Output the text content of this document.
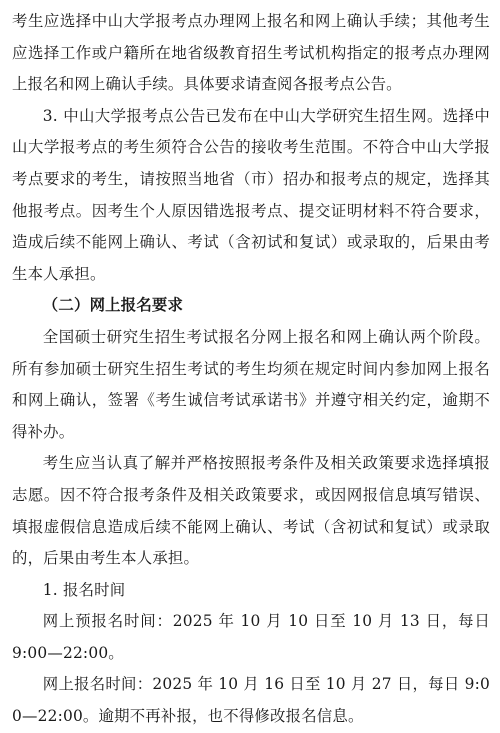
考生应选择中山大学报考点办理网上报名和网上确认手续；其他考生应选择工作或户籍所在地省级教育招生考试机构指定的报考点办理网上报名和网上确认手续。具体要求请查阅各报考点公告。

3. 中山大学报考点公告已发布在中山大学研究生招生网。选择中山大学报考点的考生须符合公告的接收考生范围。不符合中山大学报考点要求的考生，请按照当地省（市）招办和报考点的规定，选择其他报考点。因考生个人原因错选报考点、提交证明材料不符合要求，造成后续不能网上确认、考试（含初试和复试）或录取的，后果由考生本人承担。

（二）网上报名要求

全国硕士研究生招生考试报名分网上报名和网上确认两个阶段。所有参加硕士研究生招生考试的考生均须在规定时间内参加网上报名和网上确认，签署《考生诚信考试承诺书》并遵守相关约定，逾期不得补办。

考生应当认真了解并严格按照报考条件及相关政策要求选择填报志愿。因不符合报考条件及相关政策要求，或因网报信息填写错误、填报虚假信息造成后续不能网上确认、考试（含初试和复试）或录取的，后果由考生本人承担。

1. 报名时间

网上预报名时间：2025 年 10 月 10 日至 10 月 13 日，每日 9:00—22:00。

网上报名时间：2025 年 10 月 16 日至 10 月 27 日，每日 9:00—22:00。逾期不再补报，也不得修改报名信息。
